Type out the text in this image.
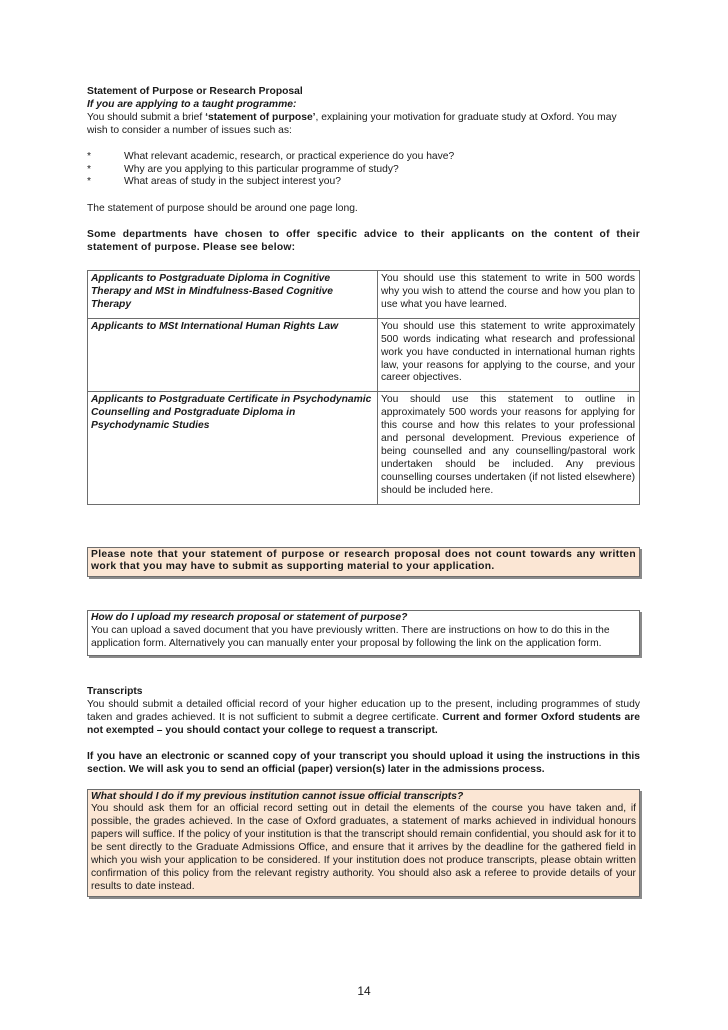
Statement of Purpose or Research Proposal

If you are applying to a taught programme:

You should submit a brief ‘statement of purpose’, explaining your motivation for graduate study at Oxford. You may wish to consider a number of issues such as:

*	What relevant academic, research, or practical experience do you have?
*	Why are you applying to this particular programme of study?
*	What areas of study in the subject interest you?

The statement of purpose should be around one page long.

Some departments have chosen to offer specific advice to their applicants on the content of their statement of purpose. Please see below:

Applicants to Postgraduate Diploma in Cognitive Therapy and MSt in Mindfulness-Based Cognitive Therapy	You should use this statement to write in 500 words why you wish to attend the course and how you plan to use what you have learned.
Applicants to MSt International Human Rights Law	You should use this statement to write approximately 500 words indicating what research and professional work you have conducted in international human rights law, your reasons for applying to the course, and your career objectives.
Applicants to Postgraduate Certificate in Psychodynamic Counselling and Postgraduate Diploma in Psychodynamic Studies	You should use this statement to outline in approximately 500 words your reasons for applying for this course and how this relates to your professional and personal development. Previous experience of being counselled and any counselling/pastoral work undertaken should be included. Any previous counselling courses undertaken (if not listed elsewhere) should be included here.

Please note that your statement of purpose or research proposal does not count towards any written work that you may have to submit as supporting material to your application.

How do I upload my research proposal or statement of purpose?

You can upload a saved document that you have previously written. There are instructions on how to do this in the application form. Alternatively you can manually enter your proposal by following the link on the application form.

Transcripts

You should submit a detailed official record of your higher education up to the present, including programmes of study taken and grades achieved. It is not sufficient to submit a degree certificate. Current and former Oxford students are not exempted – you should contact your college to request a transcript.

If you have an electronic or scanned copy of your transcript you should upload it using the instructions in this section. We will ask you to send an official (paper) version(s) later in the admissions process.

What should I do if my previous institution cannot issue official transcripts?

You should ask them for an official record setting out in detail the elements of the course you have taken and, if possible, the grades achieved. In the case of Oxford graduates, a statement of marks achieved in individual honours papers will suffice. If the policy of your institution is that the transcript should remain confidential, you should ask for it to be sent directly to the Graduate Admissions Office, and ensure that it arrives by the deadline for the gathered field in which you wish your application to be considered. If your institution does not produce transcripts, please obtain written confirmation of this policy from the relevant registry authority. You should also ask a referee to provide details of your results to date instead.

14
